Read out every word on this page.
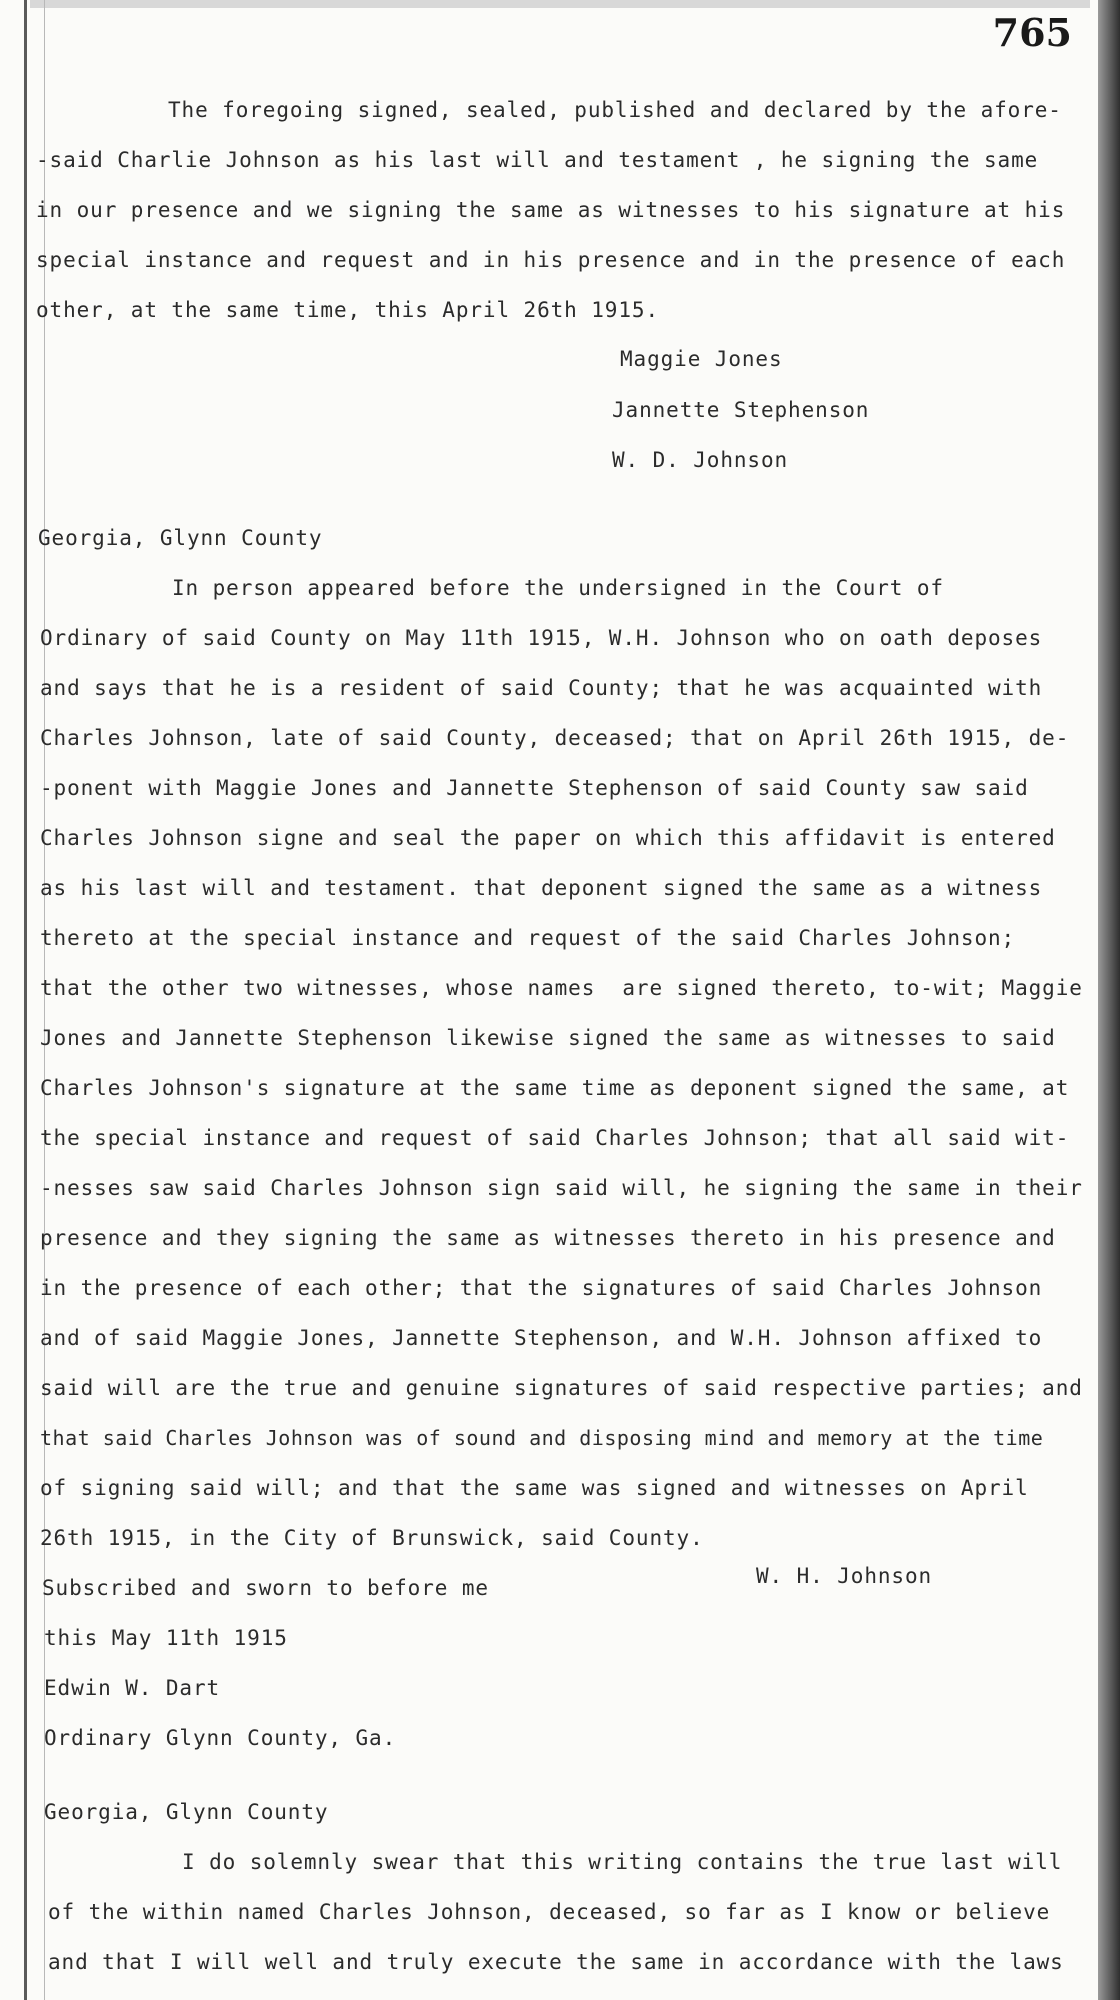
765
The foregoing signed, sealed, published and declared by the afore-
-said Charlie Johnson as his last will and testament , he signing the same
in our presence and we signing the same as witnesses to his signature at his
special instance and request and in his presence and in the presence of each
other, at the same time, this April 26th 1915.
Maggie Jones
Jannette Stephenson
W. D. Johnson
Georgia, Glynn County
In person appeared before the undersigned in the Court of
Ordinary of said County on May 11th 1915, W.H. Johnson who on oath deposes
and says that he is a resident of said County; that he was acquainted with
Charles Johnson, late of said County, deceased; that on April 26th 1915, de-
-ponent with Maggie Jones and Jannette Stephenson of said County saw said
Charles Johnson signe and seal the paper on which this affidavit is entered
as his last will and testament. that deponent signed the same as a witness
thereto at the special instance and request of the said Charles Johnson;
that the other two witnesses, whose names  are signed thereto, to-wit; Maggie
Jones and Jannette Stephenson likewise signed the same as witnesses to said
Charles Johnson's signature at the same time as deponent signed the same, at
the special instance and request of said Charles Johnson; that all said wit-
-nesses saw said Charles Johnson sign said will, he signing the same in their
presence and they signing the same as witnesses thereto in his presence and
in the presence of each other; that the signatures of said Charles Johnson
and of said Maggie Jones, Jannette Stephenson, and W.H. Johnson affixed to
said will are the true and genuine signatures of said respective parties; and
that said Charles Johnson was of sound and disposing mind and memory at the time
of signing said will; and that the same was signed and witnesses on April
26th 1915, in the City of Brunswick, said County.
Subscribed and sworn to before me	W. H. Johnson
this May 11th 1915
Edwin W. Dart
Ordinary Glynn County, Ga.
Georgia, Glynn County
I do solemnly swear that this writing contains the true last will
of the within named Charles Johnson, deceased, so far as I know or believe
and that I will well and truly execute the same in accordance with the laws
